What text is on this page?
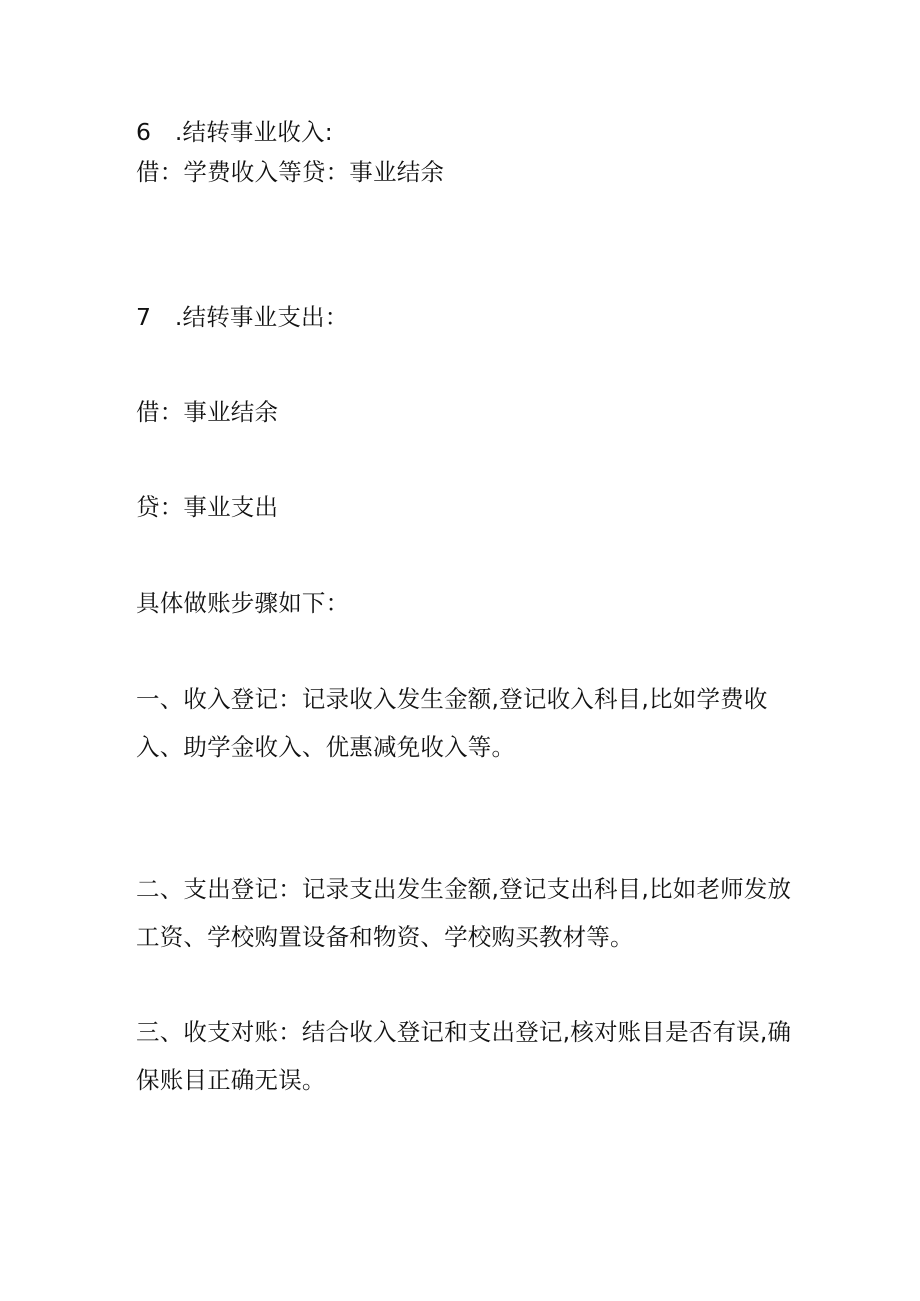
6　.结转事业收入:
借：学费收入等贷：事业结余
7　.结转事业支出：
借：事业结余
贷：事业支出
具体做账步骤如下：
一、收入登记：记录收入发生金额,登记收入科目,比如学费收
入、助学金收入、优惠减免收入等。
二、支出登记：记录支出发生金额,登记支出科目,比如老师发放
工资、学校购置设备和物资、学校购买教材等。
三、收支对账：结合收入登记和支出登记,核对账目是否有误,确
保账目正确无误。
